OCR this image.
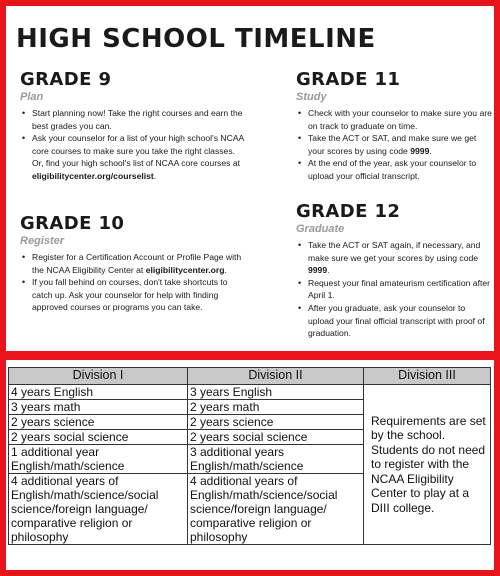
HIGH SCHOOL TIMELINE
GRADE 9
Plan
• Start planning now! Take the right courses and earn the best grades you can.
• Ask your counselor for a list of your high school's NCAA core courses to make sure you take the right classes. Or, find your high school's list of NCAA core courses at eligibilitycenter.org/courselist.
GRADE 10
Register
• Register for a Certification Account or Profile Page with the NCAA Eligibility Center at eligibilitycenter.org.
• If you fall behind on courses, don't take shortcuts to catch up. Ask your counselor for help with finding approved courses or programs you can take.
GRADE 11
Study
• Check with your counselor to make sure you are on track to graduate on time.
• Take the ACT or SAT, and make sure we get your scores by using code 9999.
• At the end of the year, ask your counselor to upload your official transcript.
GRADE 12
Graduate
• Take the ACT or SAT again, if necessary, and make sure we get your scores by using code 9999.
• Request your final amateurism certification after April 1.
• After you graduate, ask your counselor to upload your final official transcript with proof of graduation.
Division I	Division II	Division III
4 years English	3 years English	Requirements are set by the school. Students do not need to register with the NCAA Eligibility Center to play at a DIII college.
3 years math	2 years math	
2 years science	2 years science	
2 years social science	2 years social science	
1 additional year English/math/science	3 additional years English/math/science	
4 additional years of English/math/science/social science/foreign language/ comparative religion or philosophy	4 additional years of English/math/science/social science/foreign language/ comparative religion or philosophy	
